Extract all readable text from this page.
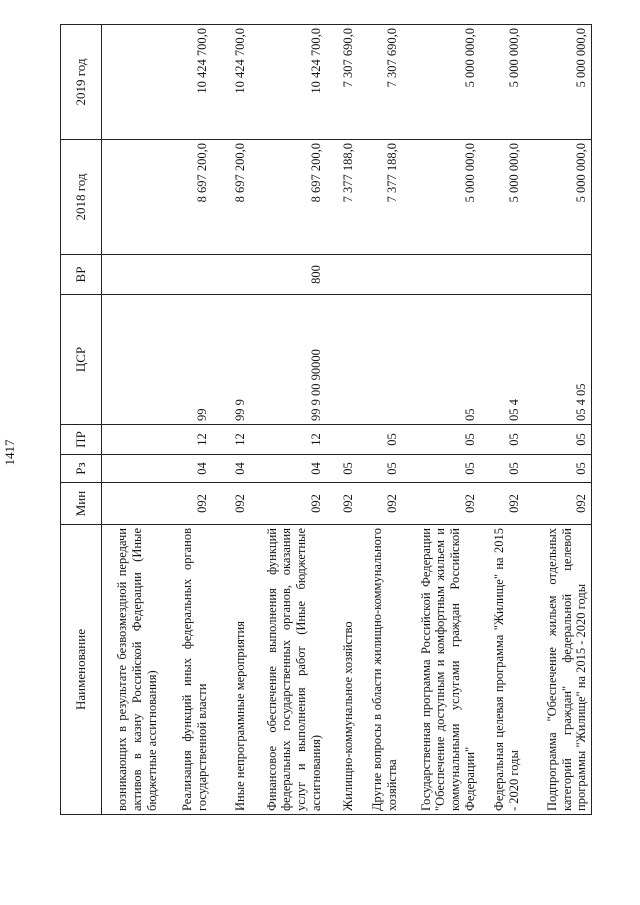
1417
Наименование	Мин	Рз	ПР	ЦСР	ВР	2018 год	2019 год
возникающих в результате безвозмездной передачи активов в казну Российской Федерации (Иные бюджетные ассигнования)							
Реализация функций иных федеральных органов государственной власти	092	04	12	99		8 697 200,0	10 424 700,0
Иные непрограммные мероприятия	092	04	12	99 9		8 697 200,0	10 424 700,0
Финансовое обеспечение выполнения функций федеральных государственных органов, оказания услуг и выполнения работ (Иные бюджетные ассигнования)	092	04	12	99 9 00 90000	800	8 697 200,0	10 424 700,0
Жилищно-коммунальное хозяйство	092	05				7 377 188,0	7 307 690,0
Другие вопросы в области жилищно-коммунального хозяйства	092	05	05			7 377 188,0	7 307 690,0
Государственная программа Российской Федерации "Обеспечение доступным и комфортным жильем и коммунальными услугами граждан Российской Федерации"	092	05	05	05		5 000 000,0	5 000 000,0
Федеральная целевая программа "Жилище" на 2015 - 2020 годы	092	05	05	05 4		5 000 000,0	5 000 000,0
Подпрограмма "Обеспечение жильем отдельных категорий граждан" федеральной целевой программы "Жилище" на 2015 - 2020 годы	092	05	05	05 4 05		5 000 000,0	5 000 000,0
